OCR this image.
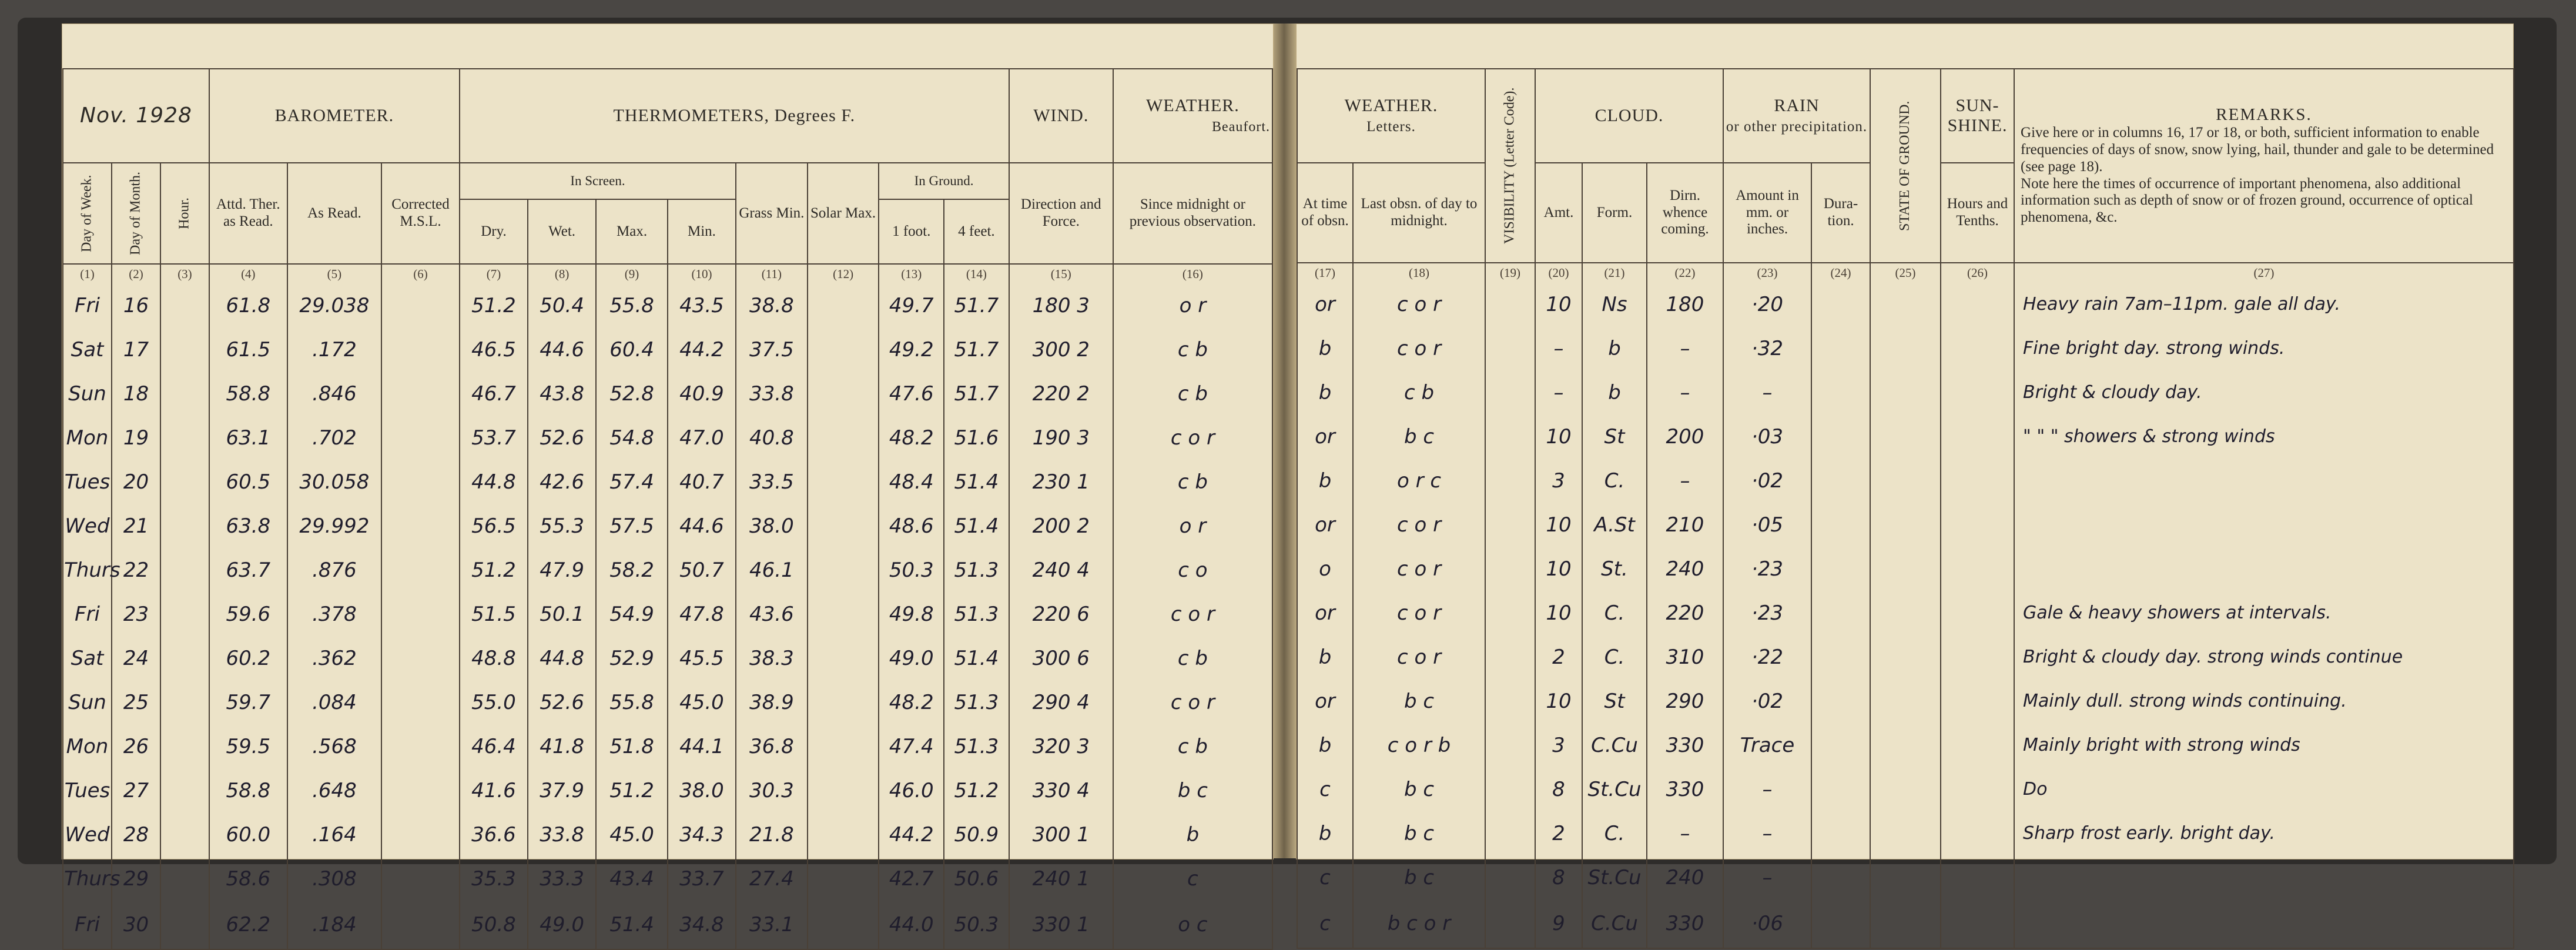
Nov. 1928			BAROMETER.			THERMOMETERS, Degrees F.								WIND.	WEATHER.
Beaufort.

Day of Week.	Day of Month.	Hour.	Attd. Ther. as Read.	As Read.	Corrected M.S.L.	In Screen.				Grass Min.	Solar Max.	In Ground.		Direction and Force.	Since midnight or previous observation.
						Dry.	Wet.	Max.	Min.			1 foot.	4 feet.		
(1)	(2)	(3)	(4)	(5)	(6)	(7)	(8)	(9)	(10)	(11)	(12)	(13)	(14)	(15)	(16)
Fri	16		61.8	29.038		51.2	50.4	55.8	43.5	38.8		49.7	51.7	180 3	o r
Sat	17		61.5	.172		46.5	44.6	60.4	44.2	37.5		49.2	51.7	300 2	c b
Sun	18		58.8	.846		46.7	43.8	52.8	40.9	33.8		47.6	51.7	220 2	c b
Mon	19		63.1	.702		53.7	52.6	54.8	47.0	40.8		48.2	51.6	190 3	c o r
Tues	20		60.5	30.058		44.8	42.6	57.4	40.7	33.5		48.4	51.4	230 1	c b
Wed	21		63.8	29.992		56.5	55.3	57.5	44.6	38.0		48.6	51.4	200 2	o r
Thurs	22		63.7	.876		51.2	47.9	58.2	50.7	46.1		50.3	51.3	240 4	c o
Fri	23		59.6	.378		51.5	50.1	54.9	47.8	43.6		49.8	51.3	220 6	c o r
Sat	24		60.2	.362		48.8	44.8	52.9	45.5	38.3		49.0	51.4	300 6	c b
Sun	25		59.7	.084		55.0	52.6	55.8	45.0	38.9		48.2	51.3	290 4	c o r
Mon	26		59.5	.568		46.4	41.8	51.8	44.1	36.8		47.4	51.3	320 3	c b
Tues	27		58.8	.648		41.6	37.9	51.2	38.0	30.3		46.0	51.2	330 4	b c
Wed	28		60.0	.164		36.6	33.8	45.0	34.3	21.8		44.2	50.9	300 1	b
Thurs	29		58.6	.308		35.3	33.3	43.4	33.7	27.4		42.7	50.6	240 1	c
Fri	30		62.2	.184		50.8	49.0	51.4	34.8	33.1		44.0	50.3	330 1	o c
WEATHER.
Letters.		VISIBILITY (Letter Code).	CLOUD.			RAIN
or other precipitation.		STATE OF GROUND.	SUN- SHINE.	REMARKS.
Give here or in columns 16, 17 or 18, or both, sufficient information to enable frequencies of days of snow, snow lying, hail, thunder and gale to be determined (see page 18).
Note here the times of occurrence of important phenomena, also additional information such as depth of snow or of frozen ground, occurrence of optical phenomena, &c.
At time of obsn.	Last obsn. of day to midnight.		Amt.	Form.	Dirn. whence coming.	Amount in mm. or inches.	Dura- tion.		Hours and Tenths.	
(17)	(18)	(19)	(20)	(21)	(22)	(23)	(24)	(25)	(26)	(27)
or	c o r		10	Ns	180	·20				Heavy rain 7am–11pm. gale all day.
b	c o r		–	b	–	·32				Fine bright day. strong winds.
b	c b		–	b	–	–				Bright & cloudy day.
or	b c		10	St	200	·03				" " " showers & strong winds
b	o r c		3	C.	–	·02				
or	c o r		10	A.St	210	·05				
o	c o r		10	St.	240	·23				
or	c o r		10	C.	220	·23				Gale & heavy showers at intervals.
b	c o r		2	C.	310	·22				Bright & cloudy day. strong winds continue
or	b c		10	St	290	·02				Mainly dull. strong winds continuing.
b	c o r b		3	C.Cu	330	Trace				Mainly bright with strong winds
c	b c		8	St.Cu	330	–				Do
b	b c		2	C.	–	–				Sharp frost early. bright day.
c	b c		8	St.Cu	240	–				
c	b c o r		9	C.Cu	330	·06				
